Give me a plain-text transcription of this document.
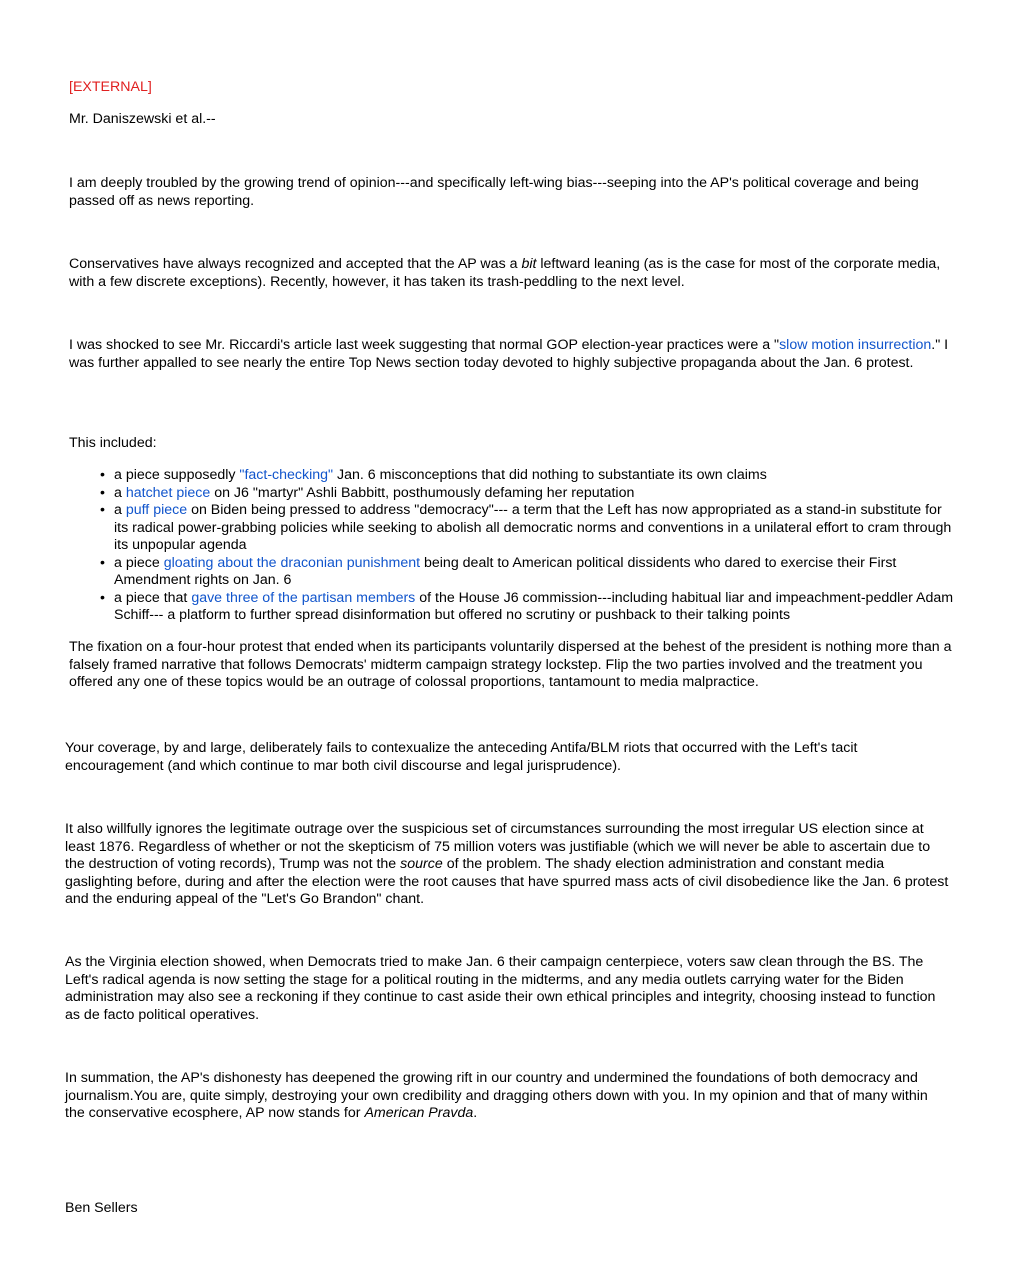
[EXTERNAL]

Mr. Daniszewski et al.--

I am deeply troubled by the growing trend of opinion---and specifically left-wing bias---seeping into the AP's political coverage and being passed off as news reporting.

Conservatives have always recognized and accepted that the AP was a bit leftward leaning (as is the case for most of the corporate media, with a few discrete exceptions). Recently, however, it has taken its trash-peddling to the next level.

I was shocked to see Mr. Riccardi's article last week suggesting that normal GOP election-year practices were a "slow motion insurrection." I was further appalled to see nearly the entire Top News section today devoted to highly subjective propaganda about the Jan. 6 protest.

This included:

• a piece supposedly "fact-checking" Jan. 6 misconceptions that did nothing to substantiate its own claims
• a hatchet piece on J6 "martyr" Ashli Babbitt, posthumously defaming her reputation
• a puff piece on Biden being pressed to address "democracy"--- a term that the Left has now appropriated as a stand-in substitute for its radical power-grabbing policies while seeking to abolish all democratic norms and conventions in a unilateral effort to cram through its unpopular agenda
• a piece gloating about the draconian punishment being dealt to American political dissidents who dared to exercise their First Amendment rights on Jan. 6
• a piece that gave three of the partisan members of the House J6 commission---including habitual liar and impeachment-peddler Adam Schiff--- a platform to further spread disinformation but offered no scrutiny or pushback to their talking points

The fixation on a four-hour protest that ended when its participants voluntarily dispersed at the behest of the president is nothing more than a falsely framed narrative that follows Democrats' midterm campaign strategy lockstep. Flip the two parties involved and the treatment you offered any one of these topics would be an outrage of colossal proportions, tantamount to media malpractice.

Your coverage, by and large, deliberately fails to contexualize the anteceding Antifa/BLM riots that occurred with the Left's tacit encouragement (and which continue to mar both civil discourse and legal jurisprudence).

It also willfully ignores the legitimate outrage over the suspicious set of circumstances surrounding the most irregular US election since at least 1876. Regardless of whether or not the skepticism of 75 million voters was justifiable (which we will never be able to ascertain due to the destruction of voting records), Trump was not the source of the problem. The shady election administration and constant media gaslighting before, during and after the election were the root causes that have spurred mass acts of civil disobedience like the Jan. 6 protest and the enduring appeal of the "Let's Go Brandon" chant.

As the Virginia election showed, when Democrats tried to make Jan. 6 their campaign centerpiece, voters saw clean through the BS. The Left's radical agenda is now setting the stage for a political routing in the midterms, and any media outlets carrying water for the Biden administration may also see a reckoning if they continue to cast aside their own ethical principles and integrity, choosing instead to function as de facto political operatives.

In summation, the AP's dishonesty has deepened the growing rift in our country and undermined the foundations of both democracy and journalism.You are, quite simply, destroying your own credibility and dragging others down with you. In my opinion and that of many within the conservative ecosphere, AP now stands for American Pravda.

Ben Sellers
